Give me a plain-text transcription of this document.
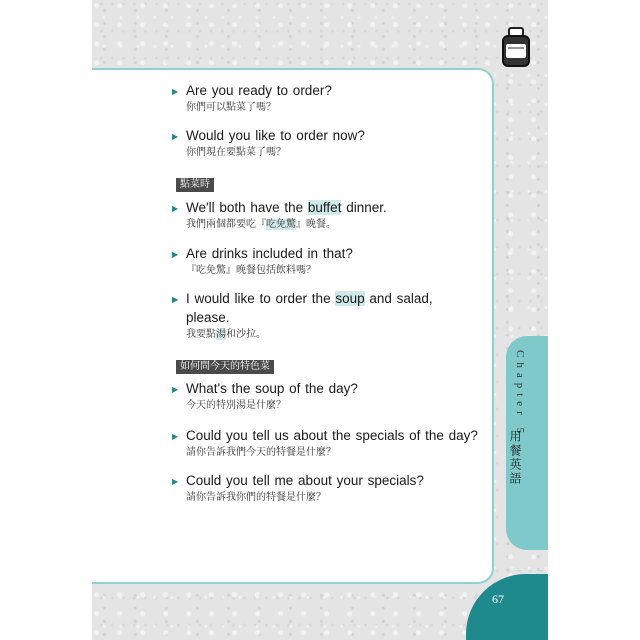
Chapter 5
用餐英語
67
▶ Are you ready to order?
你們可以點菜了嗎？
▶ Would you like to order now?
你們現在要點菜了嗎？
點菜時
▶ We'll both have the buffet dinner.
我們兩個都要吃『吃免驚』晚餐。
▶ Are drinks included in that?
『吃免驚』晚餐包括飲料嗎？
▶ I would like to order the soup and salad,
▶ please.
我要點湯和沙拉。
如何問今天的特色菜
▶ What's the soup of the day?
今天的特別湯是什麼？
▶ Could you tell us about the specials of the day?
請你告訴我們今天的特餐是什麼？
▶ Could you tell me about your specials?
請你告訴我你們的特餐是什麼？
